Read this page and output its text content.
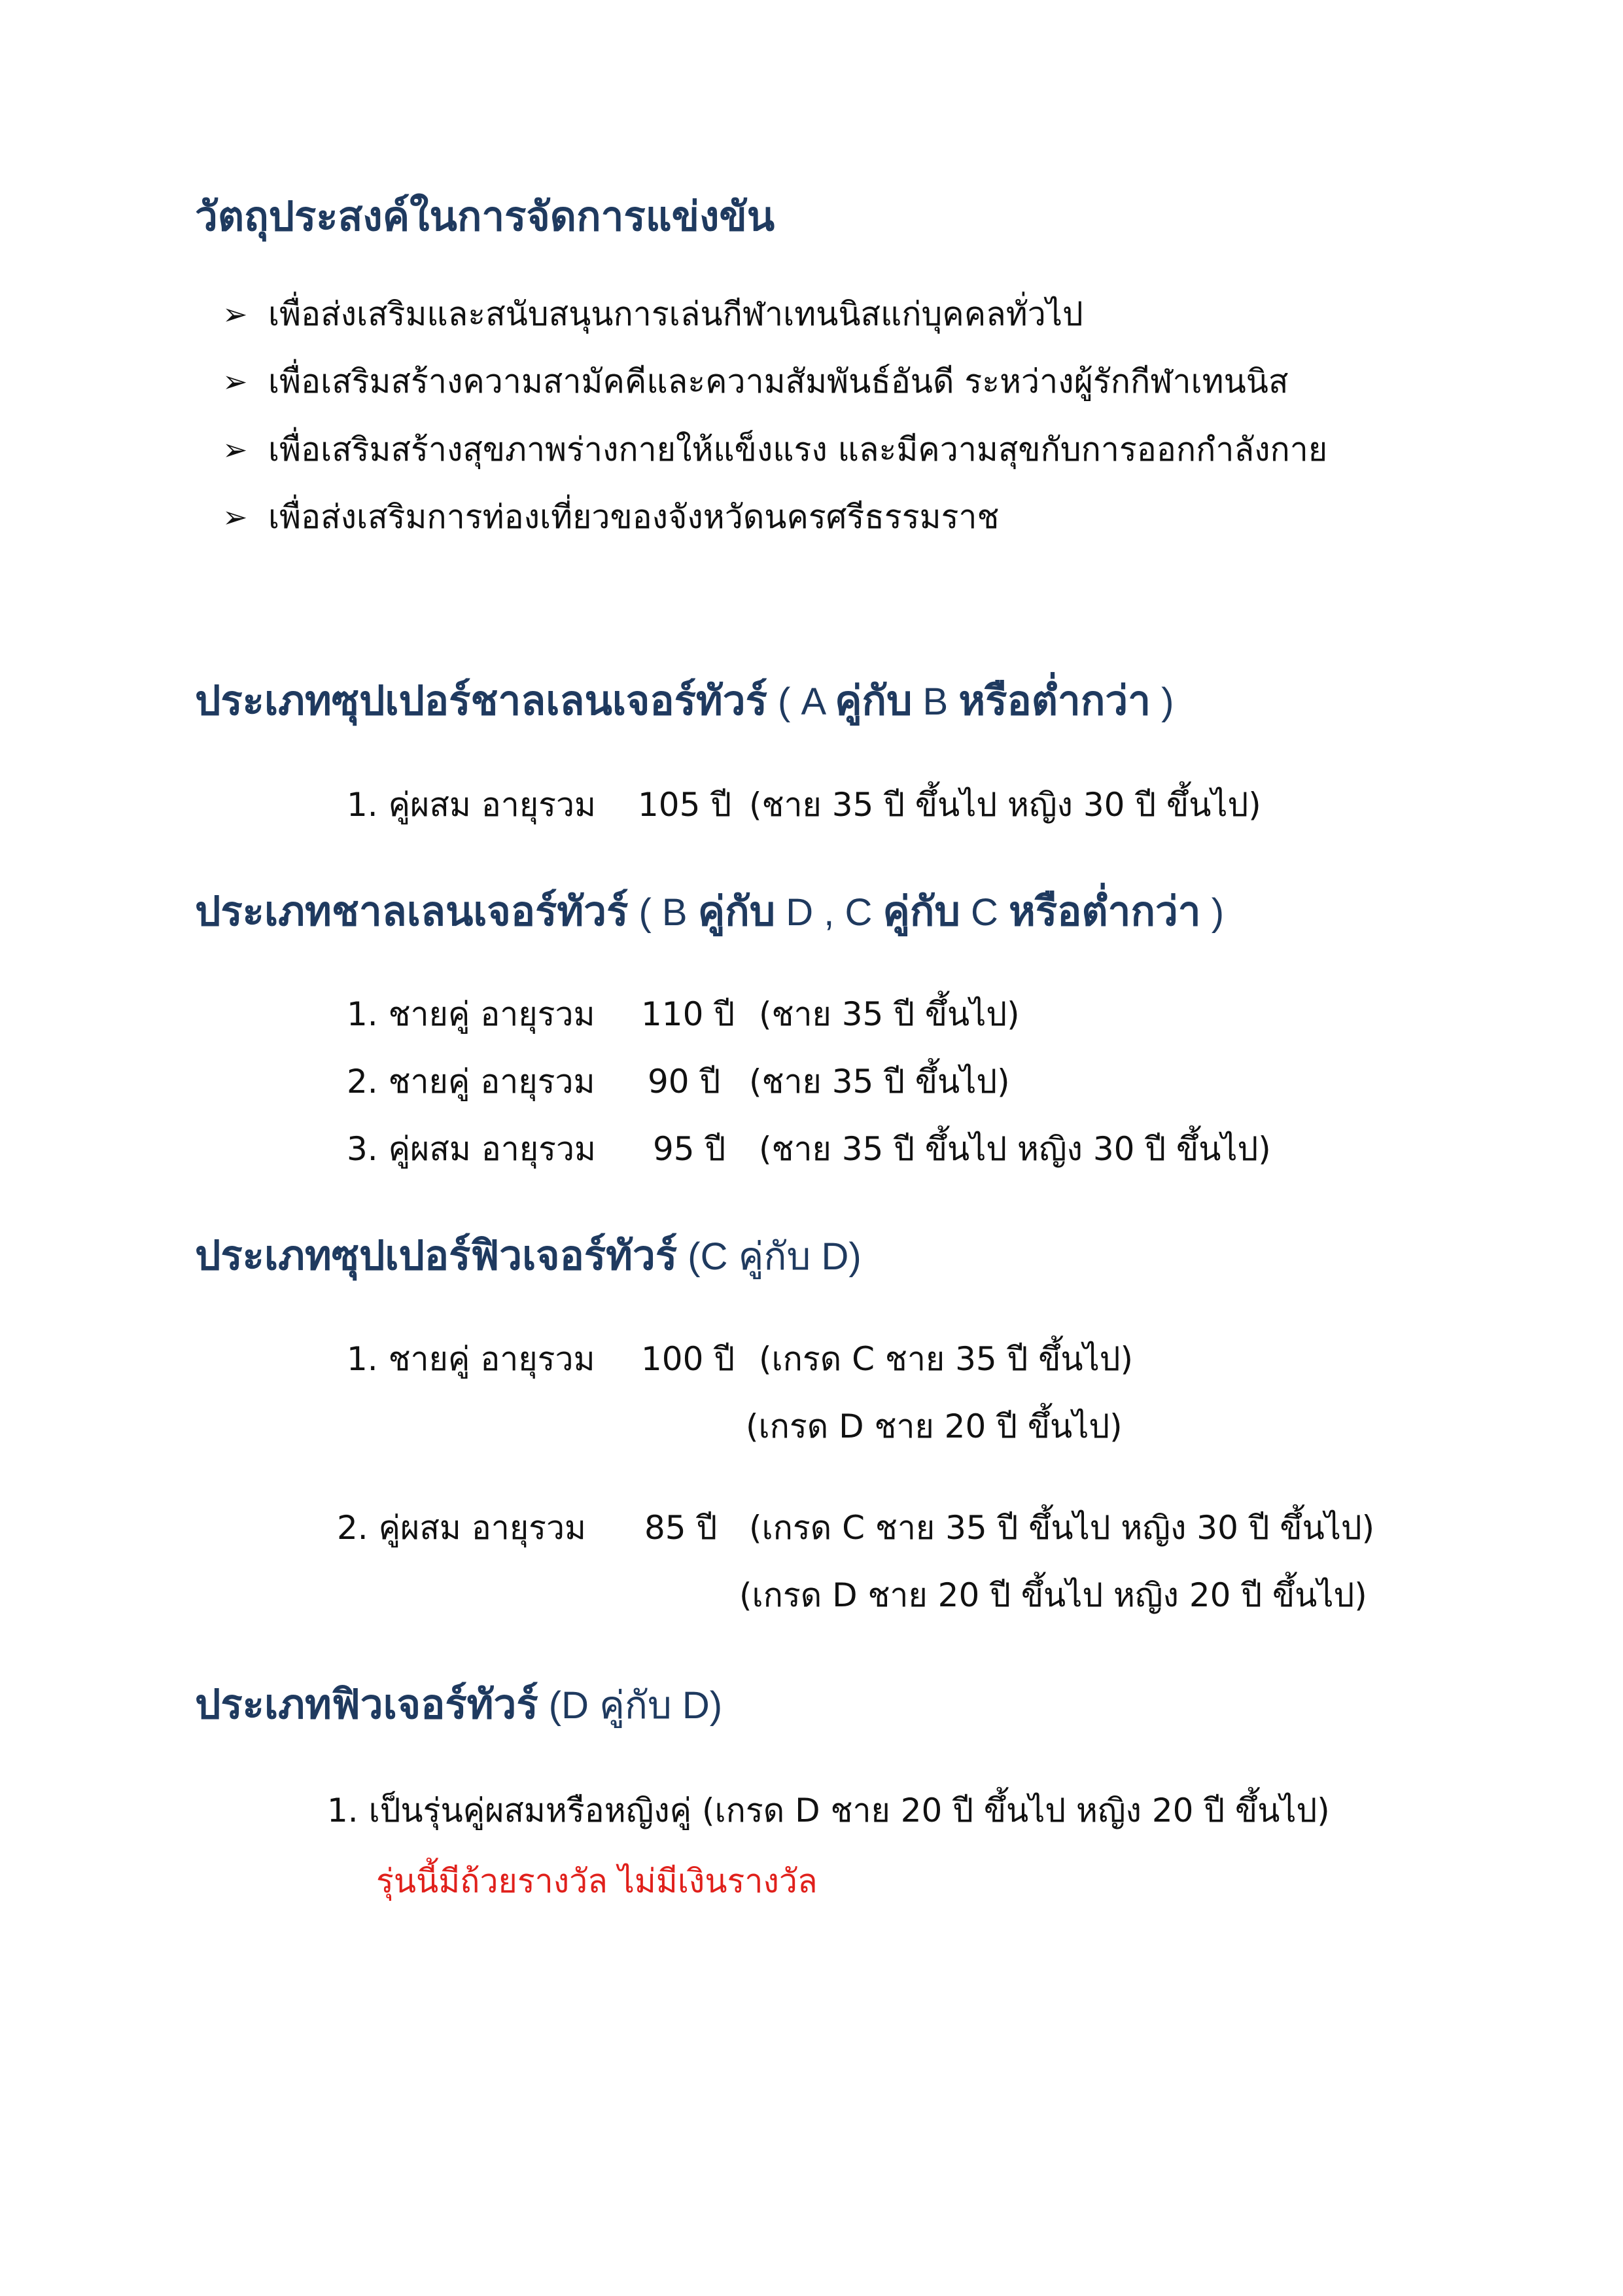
วัตถุประสงค์ในการจัดการแข่งขัน
➢ เพื่อส่งเสริมและสนับสนุนการเล่นกีฬาเทนนิสแก่บุคคลทั่วไป
➢ เพื่อเสริมสร้างความสามัคคีและความสัมพันธ์อันดี ระหว่างผู้รักกีฬาเทนนิส
➢ เพื่อเสริมสร้างสุขภาพร่างกายให้แข็งแรง และมีความสุขกับการออกกำลังกาย
➢ เพื่อส่งเสริมการท่องเที่ยวของจังหวัดนครศรีธรรมราช
ประเภทซุปเปอร์ชาลเลนเจอร์ทัวร์ ( A คู่กับ B หรือต่ำกว่า )
1. คู่ผสม อายุรวม 105 ปี (ชาย 35 ปี ขึ้นไป หญิง 30 ปี ขึ้นไป)
ประเภทชาลเลนเจอร์ทัวร์ ( B คู่กับ D , C คู่กับ C หรือต่ำกว่า )
1. ชายคู่ อายุรวม 110 ปี (ชาย 35 ปี ขึ้นไป)
2. ชายคู่ อายุรวม 90 ปี (ชาย 35 ปี ขึ้นไป)
3. คู่ผสม อายุรวม 95 ปี (ชาย 35 ปี ขึ้นไป หญิง 30 ปี ขึ้นไป)
ประเภทซุปเปอร์ฟิวเจอร์ทัวร์ (C คู่กับ D)
1. ชายคู่ อายุรวม 100 ปี (เกรด C ชาย 35 ปี ขึ้นไป)
(เกรด D ชาย 20 ปี ขึ้นไป)
2. คู่ผสม อายุรวม 85 ปี (เกรด C ชาย 35 ปี ขึ้นไป หญิง 30 ปี ขึ้นไป)
(เกรด D ชาย 20 ปี ขึ้นไป หญิง 20 ปี ขึ้นไป)
ประเภทฟิวเจอร์ทัวร์ (D คู่กับ D)
1. เป็นรุ่นคู่ผสมหรือหญิงคู่ (เกรด D ชาย 20 ปี ขึ้นไป หญิง 20 ปี ขึ้นไป)
รุ่นนี้มีถ้วยรางวัล ไม่มีเงินรางวัล
